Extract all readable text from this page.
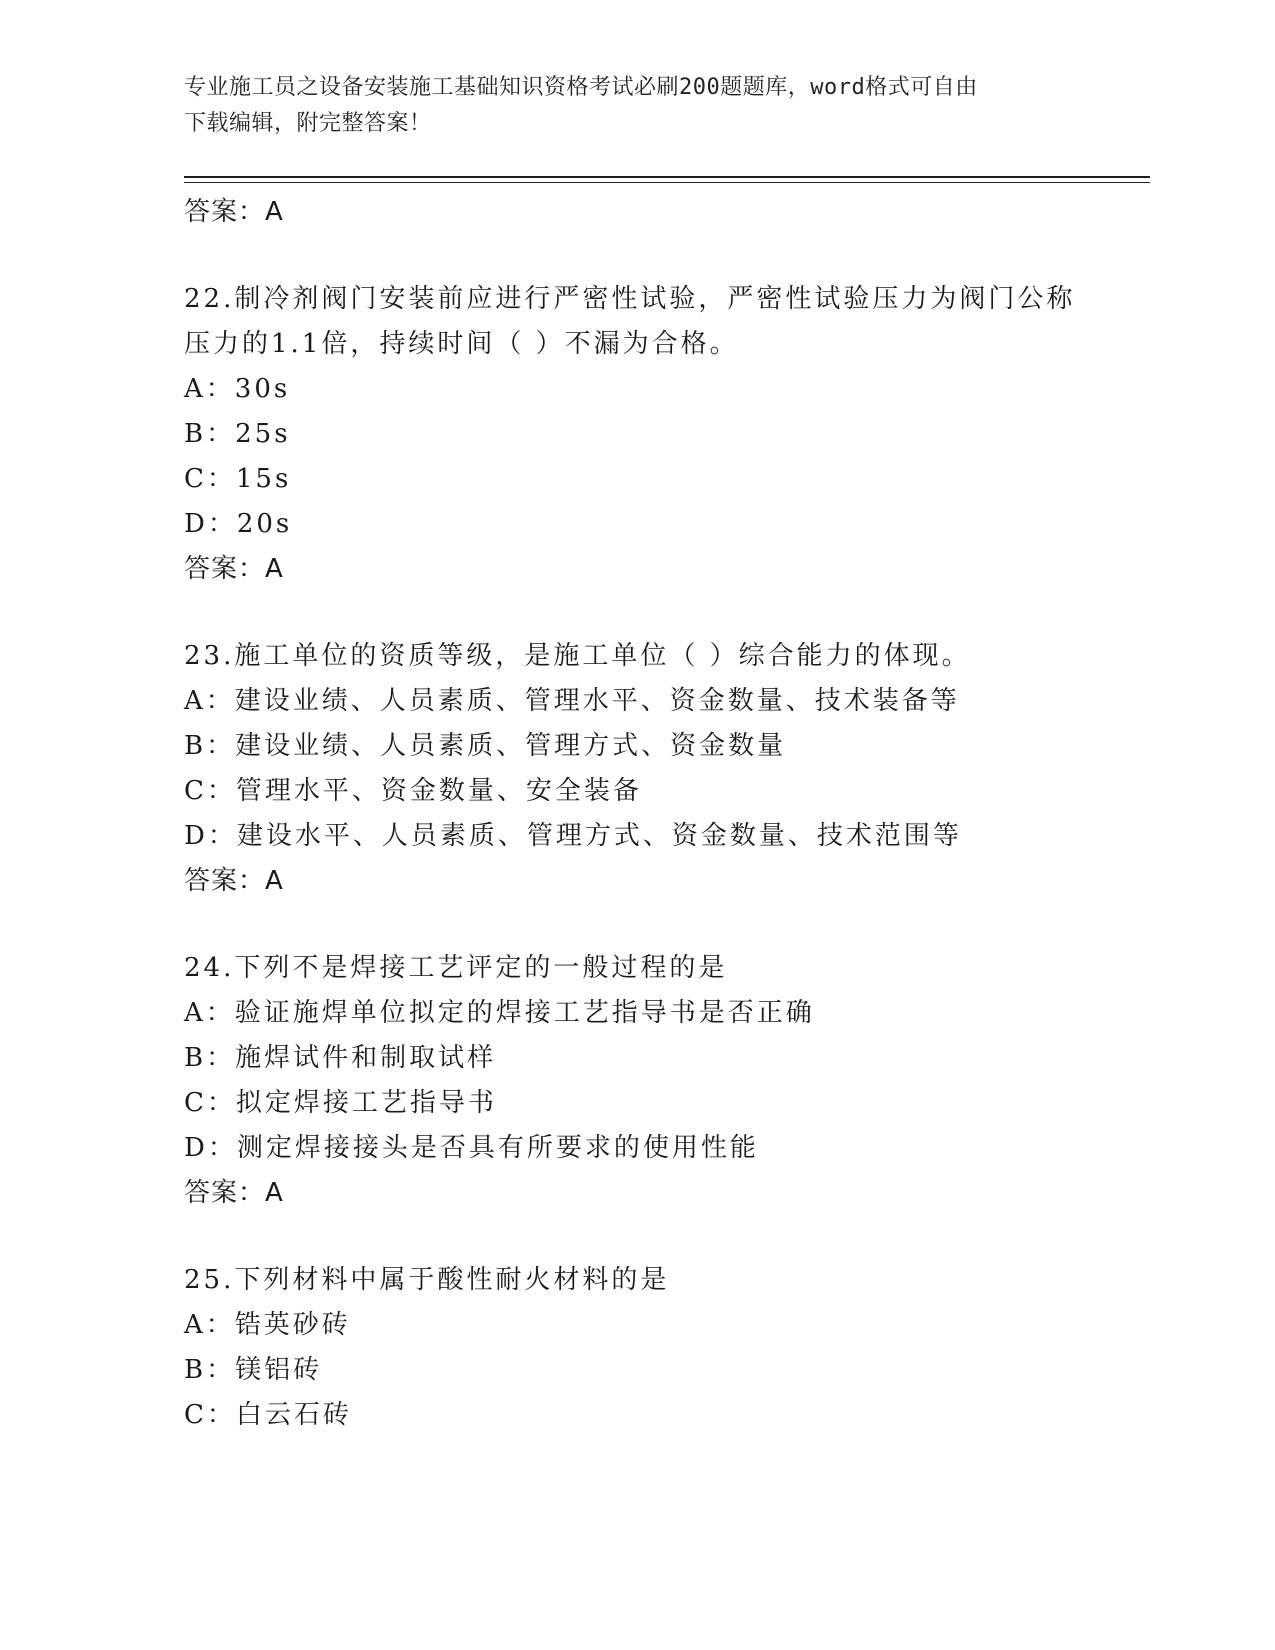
专业施工员之设备安装施工基础知识资格考试必刷200题题库，word格式可自由
下载编辑，附完整答案！
答案：A
22.制冷剂阀门安装前应进行严密性试验，严密性试验压力为阀门公称
压力的1.1倍，持续时间（ ）不漏为合格。
A：30s
B：25s
C：15s
D：20s
答案：A
23.施工单位的资质等级，是施工单位（ ）综合能力的体现。
A：建设业绩、人员素质、管理水平、资金数量、技术装备等
B：建设业绩、人员素质、管理方式、资金数量
C：管理水平、资金数量、安全装备
D：建设水平、人员素质、管理方式、资金数量、技术范围等
答案：A
24.下列不是焊接工艺评定的一般过程的是
A：验证施焊单位拟定的焊接工艺指导书是否正确
B：施焊试件和制取试样
C：拟定焊接工艺指导书
D：测定焊接接头是否具有所要求的使用性能
答案：A
25.下列材料中属于酸性耐火材料的是
A：锆英砂砖
B：镁铝砖
C：白云石砖
